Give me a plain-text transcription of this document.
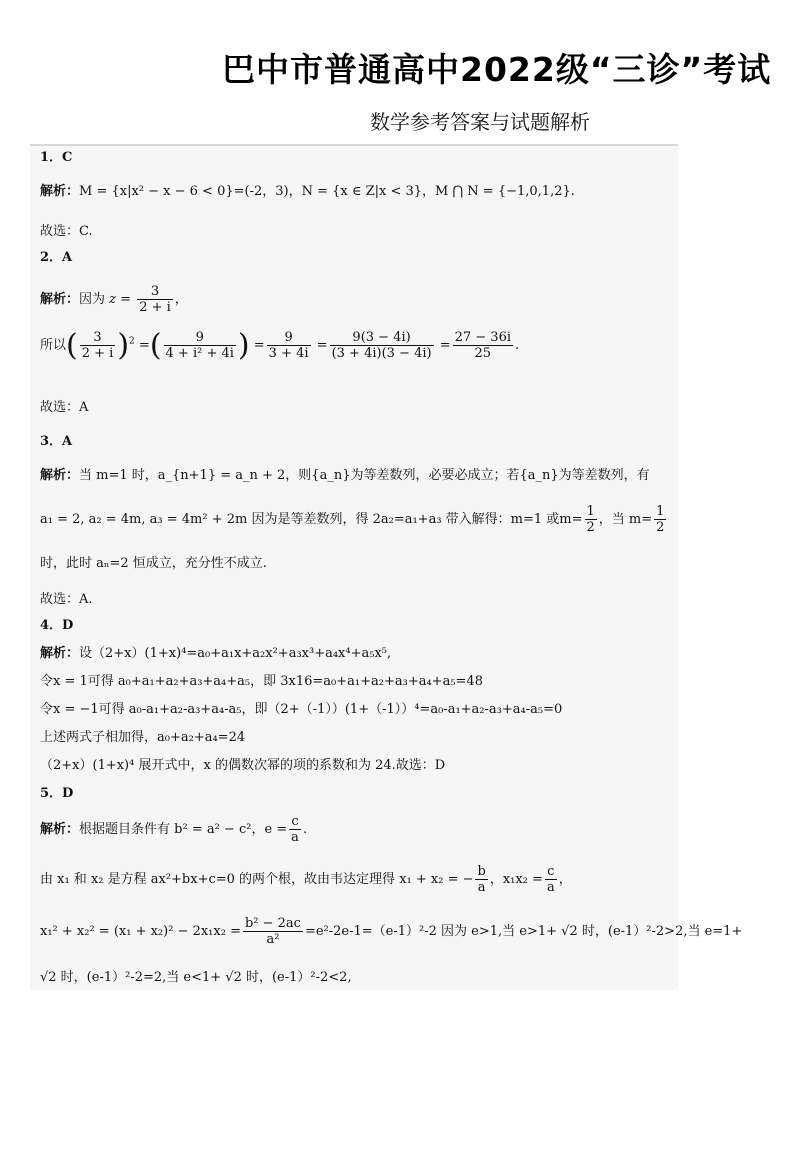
巴中市普通高中2022级“三诊”考试
数学参考答案与试题解析
1．C
解析：M = {x|x² − x − 6 < 0}=(-2，3)，N = {x ∈ Z|x < 3}，M ⋂ N = {−1,0,1,2}.
故选：C.
2．A
解析：因为 $z = \frac{3}{2 + i}$ ，
所以( $\frac{3}{2 + i} )^2$ =( $\frac{9}{\text{4 + i² + 4i}}$ ) = $\frac{9}{3 + 4i} = \frac{9(3 - 4i)}{(3 + 4i)(3 - 4i)} = \frac{27 - 36i}{25}$ .
故选：A
3．A
解析：当 m=1 时，a_{n+1} = a_n + 2，则{a_n}为等差数列，必要必成立；若{a_n}为等差数列，有
a₁ = 2, a₂ = 4m, a₃ = 4m² + 2m 因为是等差数列，得 2a₂=a₁+a₃ 带入解得：m=1 或$m= \frac{1}{2}$ ，当 $m= \frac{1}{2}$
时，此时 aₙ=2 恒成立，充分性不成立.
故选：A.
4．D
解析：设（2+x）(1+x)⁴=a₀+a₁x+a₂x²+a₃x³+a₄x⁴+a₅x⁵,
令x = 1可得 a₀+a₁+a₂+a₃+a₄+a₅，即 3x16=a₀+a₁+a₂+a₃+a₄+a₅=48
令x = −1可得 a₀-a₁+a₂-a₃+a₄-a₅，即（2+（-1））(1+（-1））⁴=a₀-a₁+a₂-a₃+a₄-a₅=0
上述两式子相加得，a₀+a₂+a₄=24
（2+x）(1+x)⁴ 展开式中，x 的偶数次幂的项的系数和为 24.故选：D
5．D
解析：根据题目条件有 b² = a² − c²，$e = \frac{c}{a}$ .
由 x₁ 和 x₂ 是方程 ax²+bx+c=0 的两个根，故由韦达定理得 x₁ + x₂ = − $\frac{b}{a}$ ，$x_1x_2 = \frac{c}{a}$ ，
$x_1^2 + x_2^2 = (x_1 + x_2)^2 - 2x_1x_2 = \frac{\text{b² − 2ac}}{\text{a²}} =e^2-2e-1=(e-1)^2-2$ 因为 e>1,当 e>1+ √2 时，(e-1）²-2>2,当 e=1+
√2 时，(e-1）²-2=2,当 e<1+ √2 时，(e-1）²-2<2,
